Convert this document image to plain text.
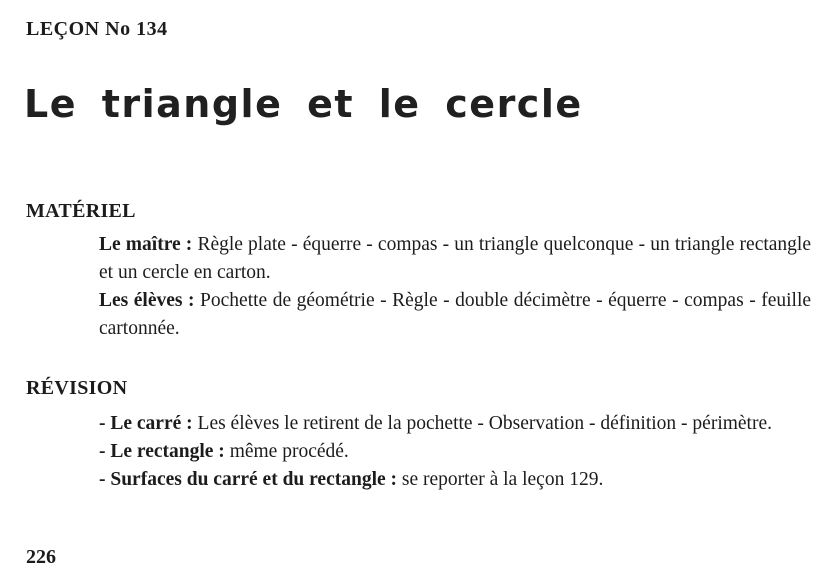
LEÇON No 134
Le triangle et le cercle
MATÉRIEL

Le maître : Règle plate - équerre - compas - un triangle quelconque - un triangle rectangle et un cercle en carton.

Les élèves : Pochette de géométrie - Règle - double décimètre - équerre - compas - feuille cartonnée.

RÉVISION

- Le carré : Les élèves le retirent de la pochette - Observation - définition - périmètre.

- Le rectangle : même procédé.

- Surfaces du carré et du rectangle : se reporter à la leçon 129.

226
